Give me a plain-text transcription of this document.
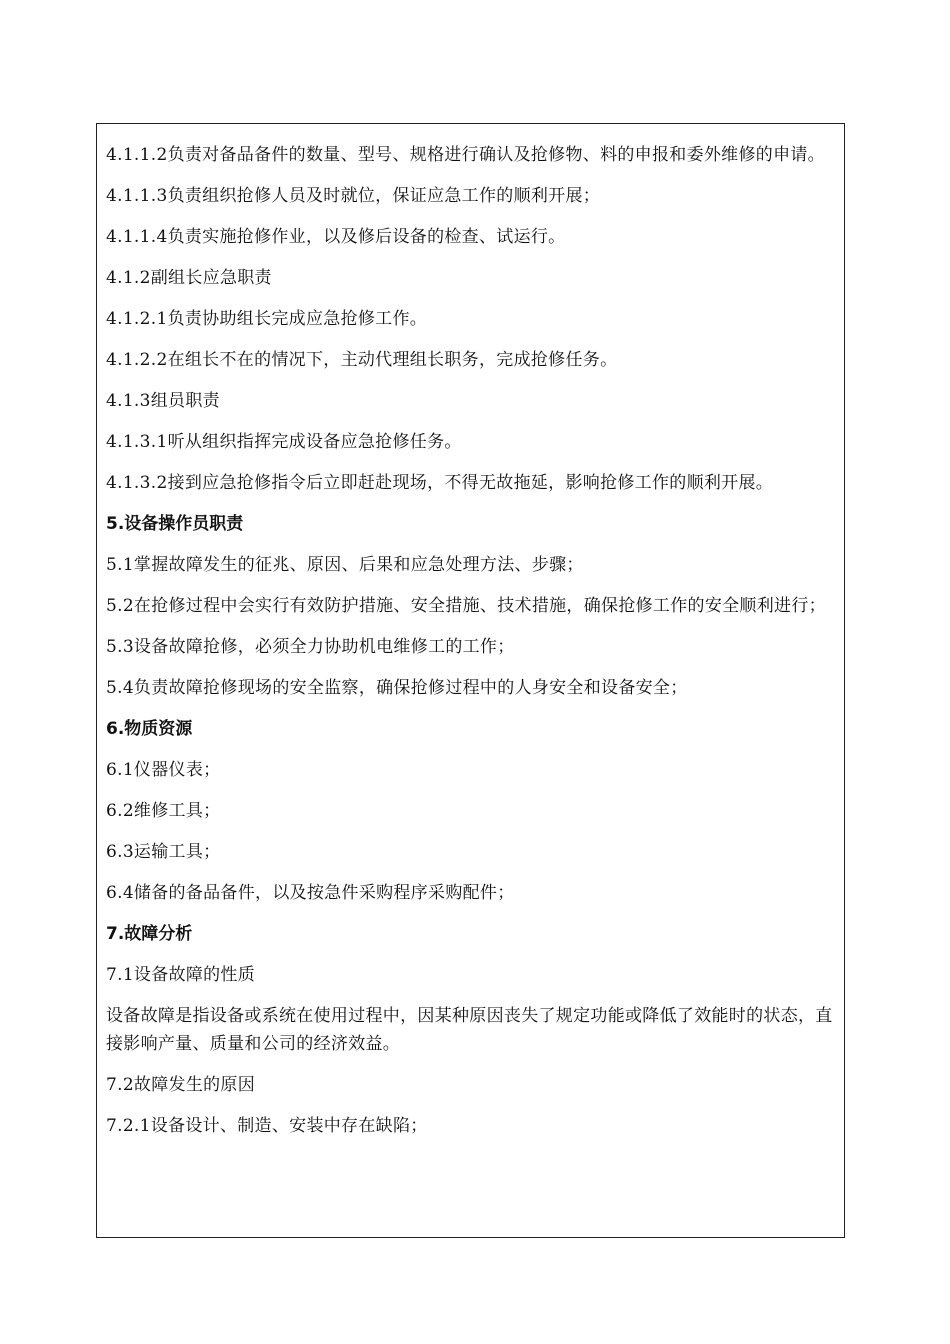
4.1.1.2负责对备品备件的数量、型号、规格进行确认及抢修物、料的申报和委外维修的申请。

4.1.1.3负责组织抢修人员及时就位，保证应急工作的顺利开展；

4.1.1.4负责实施抢修作业，以及修后设备的检查、试运行。

4.1.2副组长应急职责

4.1.2.1负责协助组长完成应急抢修工作。

4.1.2.2在组长不在的情况下，主动代理组长职务，完成抢修任务。

4.1.3组员职责

4.1.3.1听从组织指挥完成设备应急抢修任务。

4.1.3.2接到应急抢修指令后立即赶赴现场，不得无故拖延，影响抢修工作的顺利开展。

5.设备操作员职责

5.1掌握故障发生的征兆、原因、后果和应急处理方法、步骤；

5.2在抢修过程中会实行有效防护措施、安全措施、技术措施，确保抢修工作的安全顺利进行；

5.3设备故障抢修，必须全力协助机电维修工的工作；

5.4负责故障抢修现场的安全监察，确保抢修过程中的人身安全和设备安全；

6.物质资源

6.1仪器仪表；

6.2维修工具；

6.3运输工具；

6.4储备的备品备件，以及按急件采购程序采购配件；

7.故障分析

7.1设备故障的性质

设备故障是指设备或系统在使用过程中，因某种原因丧失了规定功能或降低了效能时的状态，直接影响产量、质量和公司的经济效益。

7.2故障发生的原因

7.2.1设备设计、制造、安装中存在缺陷；
